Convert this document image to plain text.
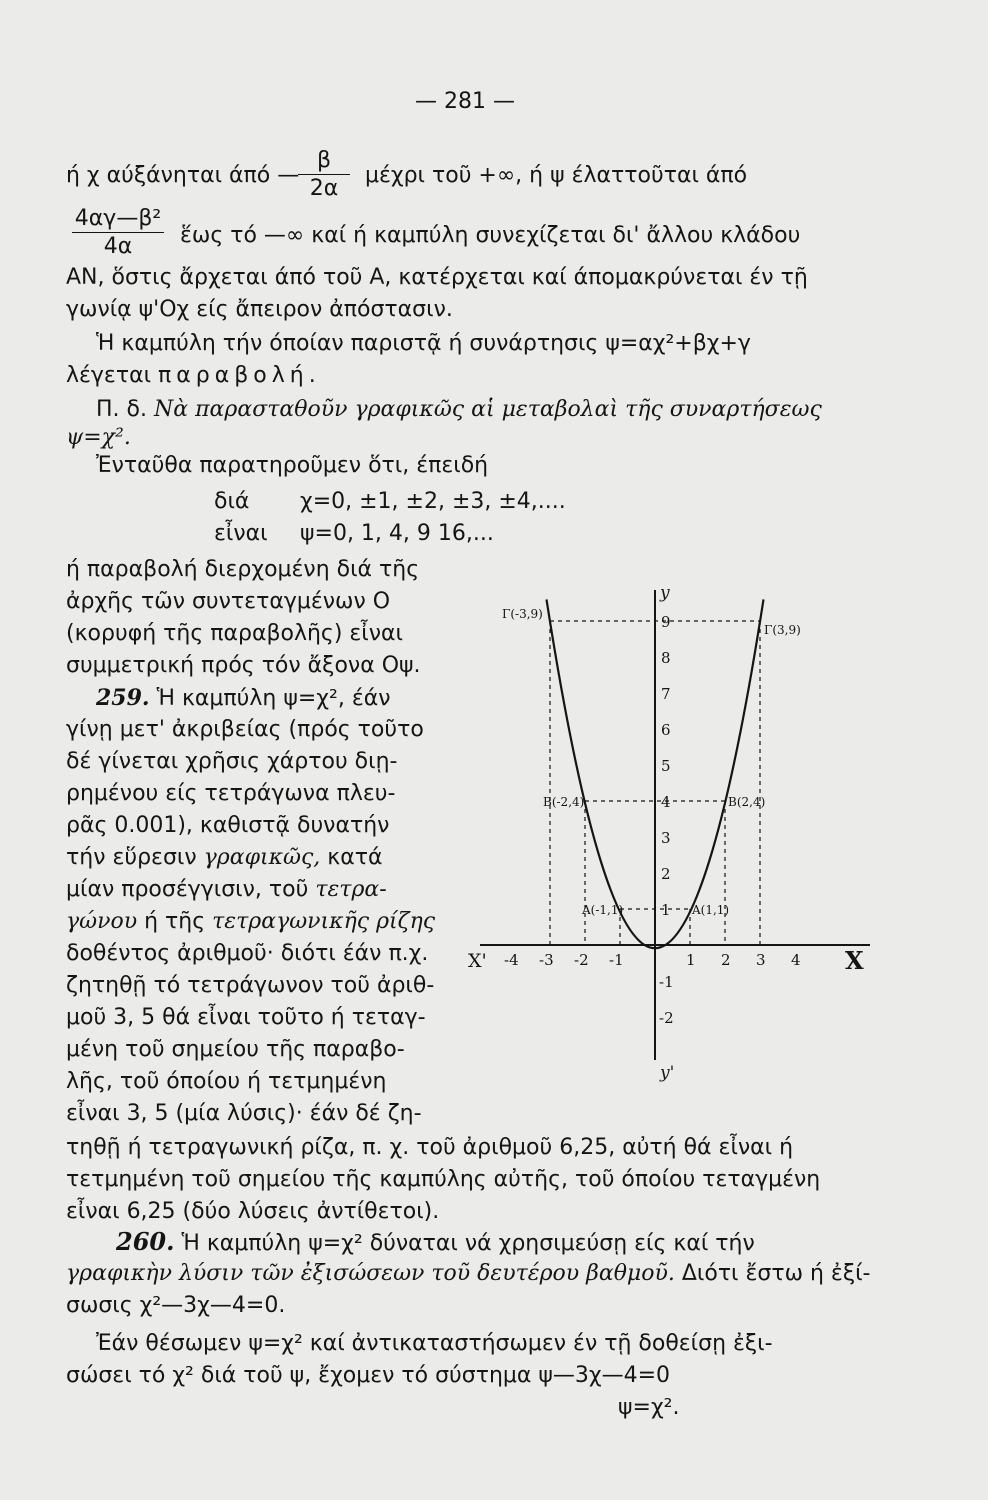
— 281 —
ή χ αύξάνηται άπό —
$\frac{\beta}{2\alpha}$ μέχρι τοῦ +∞, ή ψ έλαττοῦται άπό
$\frac{\text{4αγ—β²}}{4\alpha}$ ἕως τό —∞ καί ή καμπύλη συνεχίζεται δι' ἄλλου κλάδου
ΑΝ, ὅστις ἄρχεται άπό τοῦ Α, κατέρχεται καί άπομακρύνεται έν τῇ
γωνίᾳ ψ'Οχ είς ἄπειρον ἀπόστασιν.
Ἡ καμπύλη τήν όποίαν παριστᾷ ή συνάρτησις ψ=αχ²+βχ+γ
λέγεται παραβολή.
Π. δ. Νὰ παρασταθοῦν γραφικῶς αἱ μεταβολαὶ τῆς συναρτήσεως
ψ=χ².
Ἐνταῦθα παρατηροῦμεν ὅτι, έπειδή
διά χ=0, ±1, ±2, ±3, ±4,....
εἶναι ψ=0, 1, 4, 9 16,...
ή παραβολή διερχομένη διά τῆς
ἀρχῆς τῶν συντεταγμένων Ο
(κορυφή τῆς παραβολῆς) εἶναι
συμμετρική πρός τόν ἄξονα Οψ.
259. Ἡ καμπύλη ψ=χ², έάν
γίνῃ μετ' ἀκριβείας (πρός τοῦτο
δέ γίνεται χρῆσις χάρτου διῃ-
ρημένου είς τετράγωνα πλευ-
ρᾶς 0.001), καθιστᾷ δυνατήν
τήν εὕρεσιν γραφικῶς, κατά
μίαν προσέγγισιν, τοῦ τετρα-
γώνου ή τῆς τετραγωνικῆς ρίζης
δοθέντος ἀριθμοῦ· διότι έάν π.χ.
ζητηθῇ τό τετράγωνον τοῦ ἀριθ-
μοῦ 3, 5 θά εἶναι τοῦτο ή τεταγ-
μένη τοῦ σημείου τῆς παραβο-
λῆς, τοῦ όποίου ή τετμημένη
εἶναι 3, 5 (μία λύσις)· έάν δέ ζη-
τηθῇ ή τετραγωνική ρίζα, π. χ. τοῦ ἀριθμοῦ 6,25, αὐτή θά εἶναι ή
τετμημένη τοῦ σημείου τῆς καμπύλης αὐτῆς, τοῦ όποίου τεταγμένη
εἶναι 6,25 (δύο λύσεις ἀντίθετοι).
260. Ἡ καμπύλη ψ=χ² δύναται νά χρησιμεύσῃ είς καί τήν
γραφικὴν λύσιν τῶν ἐξισώσεων τοῦ δευτέρου βαθμοῦ. Διότι ἔστω ή ἐξί-
σωσις χ²—3χ—4=0.
Ἐάν θέσωμεν ψ=χ² καί ἀντικαταστήσωμεν έν τῇ δοθείσῃ ἐξι-
σώσει τό χ² διά τοῦ ψ, ἔχομεν τό σύστημα ψ—3χ—4=0
ψ=χ².
9
8
7
6
5
4
3
2
1
-1
-2
-4 -3 -2 -1	1 2 3 4
y
y'
X'	X
Γ(-3,9)
Γ(3,9)
Β(-2,4)	Β(2,4)
Α(-1,1)	Α(1,1)
